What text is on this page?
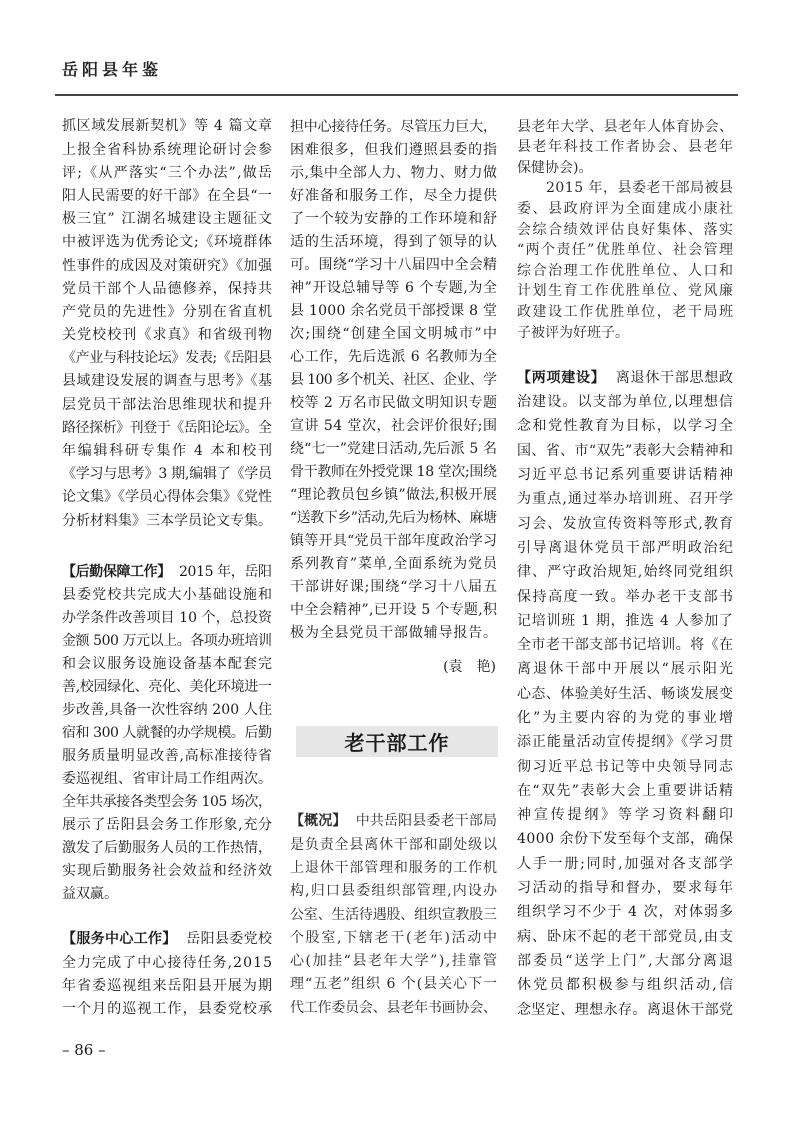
岳阳县年鉴
抓区域发展新契机》等 4 篇文章
上报全省科协系统理论研讨会参
评;《从严落实“三个办法”,做岳
阳人民需要的好干部》在全县“一
极三宜” 江湖名城建设主题征文
中被评选为优秀论文;《环境群体
性事件的成因及对策研究》《加强
党员干部个人品德修养，保持共
产党员的先进性》分别在省直机
关党校校刊《求真》和省级刊物
《产业与科技论坛》发表;《岳阳县
县域建设发展的调查与思考》《基
层党员干部法治思维现状和提升
路径探析》刊登于《岳阳论坛》。全
年编辑科研专集作 4 本和校刊
《学习与思考》3 期,编辑了《学员
论文集》《学员心得体会集》《党性
分析材料集》三本学员论文专集。
【后勤保障工作】  2015 年，岳阳
县委党校共完成大小基础设施和
办学条件改善项目 10 个，总投资
金额 500 万元以上。各项办班培训
和会议服务设施设备基本配套完
善,校园绿化、亮化、美化环境进一
步改善,具备一次性容纳 200 人住
宿和 300 人就餐的办学规模。后勤
服务质量明显改善,高标准接待省
委巡视组、省审计局工作组两次。
全年共承接各类型会务 105 场次，
展示了岳阳县会务工作形象,充分
激发了后勤服务人员的工作热情，
实现后勤服务社会效益和经济效
益双赢。
【服务中心工作】  岳阳县委党校
全力完成了中心接待任务,2015
年省委巡视组来岳阳县开展为期
一个月的巡视工作，县委党校承
担中心接待任务。尽管压力巨大，
困难很多，但我们遵照县委的指
示,集中全部人力、物力、财力做
好准备和服务工作，尽全力提供
了一个较为安静的工作环境和舒
适的生活环境，得到了领导的认
可。围绕“学习十八届四中全会精
神”开设总辅导等 6 个专题,为全
县 1000 余名党员干部授课 8 堂
次;围绕“创建全国文明城市”中
心工作，先后选派 6 名教师为全
县 100 多个机关、社区、企业、学
校等 2 万名市民做文明知识专题
宣讲 54 堂次，社会评价很好;围
绕“七一”党建日活动,先后派 5 名
骨干教师在外授党课 18 堂次;围绕
“理论教员包乡镇”做法,积极开展
“送教下乡”活动,先后为杨林、麻塘
镇等开具“党员干部年度政治学习
系列教育”菜单,全面系统为党员
干部讲好课;围绕“学习十八届五
中全会精神”,已开设 5 个专题,积
极为全县党员干部做辅导报告。
【概况】  中共岳阳县委老干部局
是负责全县离休干部和副处级以
上退休干部管理和服务的工作机
构,归口县委组织部管理,内设办
公室、生活待遇股、组织宣教股三
个股室,下辖老干(老年)活动中
心(加挂“县老年大学”),挂靠管
理“五老”组织 6 个(县关心下一
代工作委员会、县老年书画协会、
县老年大学、县老年人体育协会、
县老年科技工作者协会、县老年
保健协会)。
　　2015 年，县委老干部局被县
委、县政府评为全面建成小康社
会综合绩效评估良好集体、落实
“两个责任”优胜单位、社会管理
综合治理工作优胜单位、人口和
计划生育工作优胜单位、党风廉
政建设工作优胜单位，老干局班
子被评为好班子。
【两项建设】  离退休干部思想政
治建设。以支部为单位,以理想信
念和党性教育为目标，以学习全
国、省、市“双先”表彰大会精神和
习近平总书记系列重要讲话精神
为重点,通过举办培训班、召开学
习会、发放宣传资料等形式,教育
引导离退休党员干部严明政治纪
律、严守政治规矩,始终同党组织
保持高度一致。举办老干支部书
记培训班 1 期，推选 4 人参加了
全市老干部支部书记培训。将《在
离退休干部中开展以“展示阳光
心态、体验美好生活、畅谈发展变
化”为主要内容的为党的事业增
添正能量活动宣传提纲》《学习贯
彻习近平总书记等中央领导同志
在“双先”表彰大会上重要讲话精
神宣传提纲》等学习资料翻印
4000 余份下发至每个支部，确保
人手一册;同时,加强对各支部学
习活动的指导和督办，要求每年
组织学习不少于 4 次，对体弱多
病、卧床不起的老干部党员,由支
部委员“送学上门”,大部分离退
休党员都积极参与组织活动,信
念坚定、理想永存。离退休干部党
(袁　艳)
老干部工作
– 86 –
